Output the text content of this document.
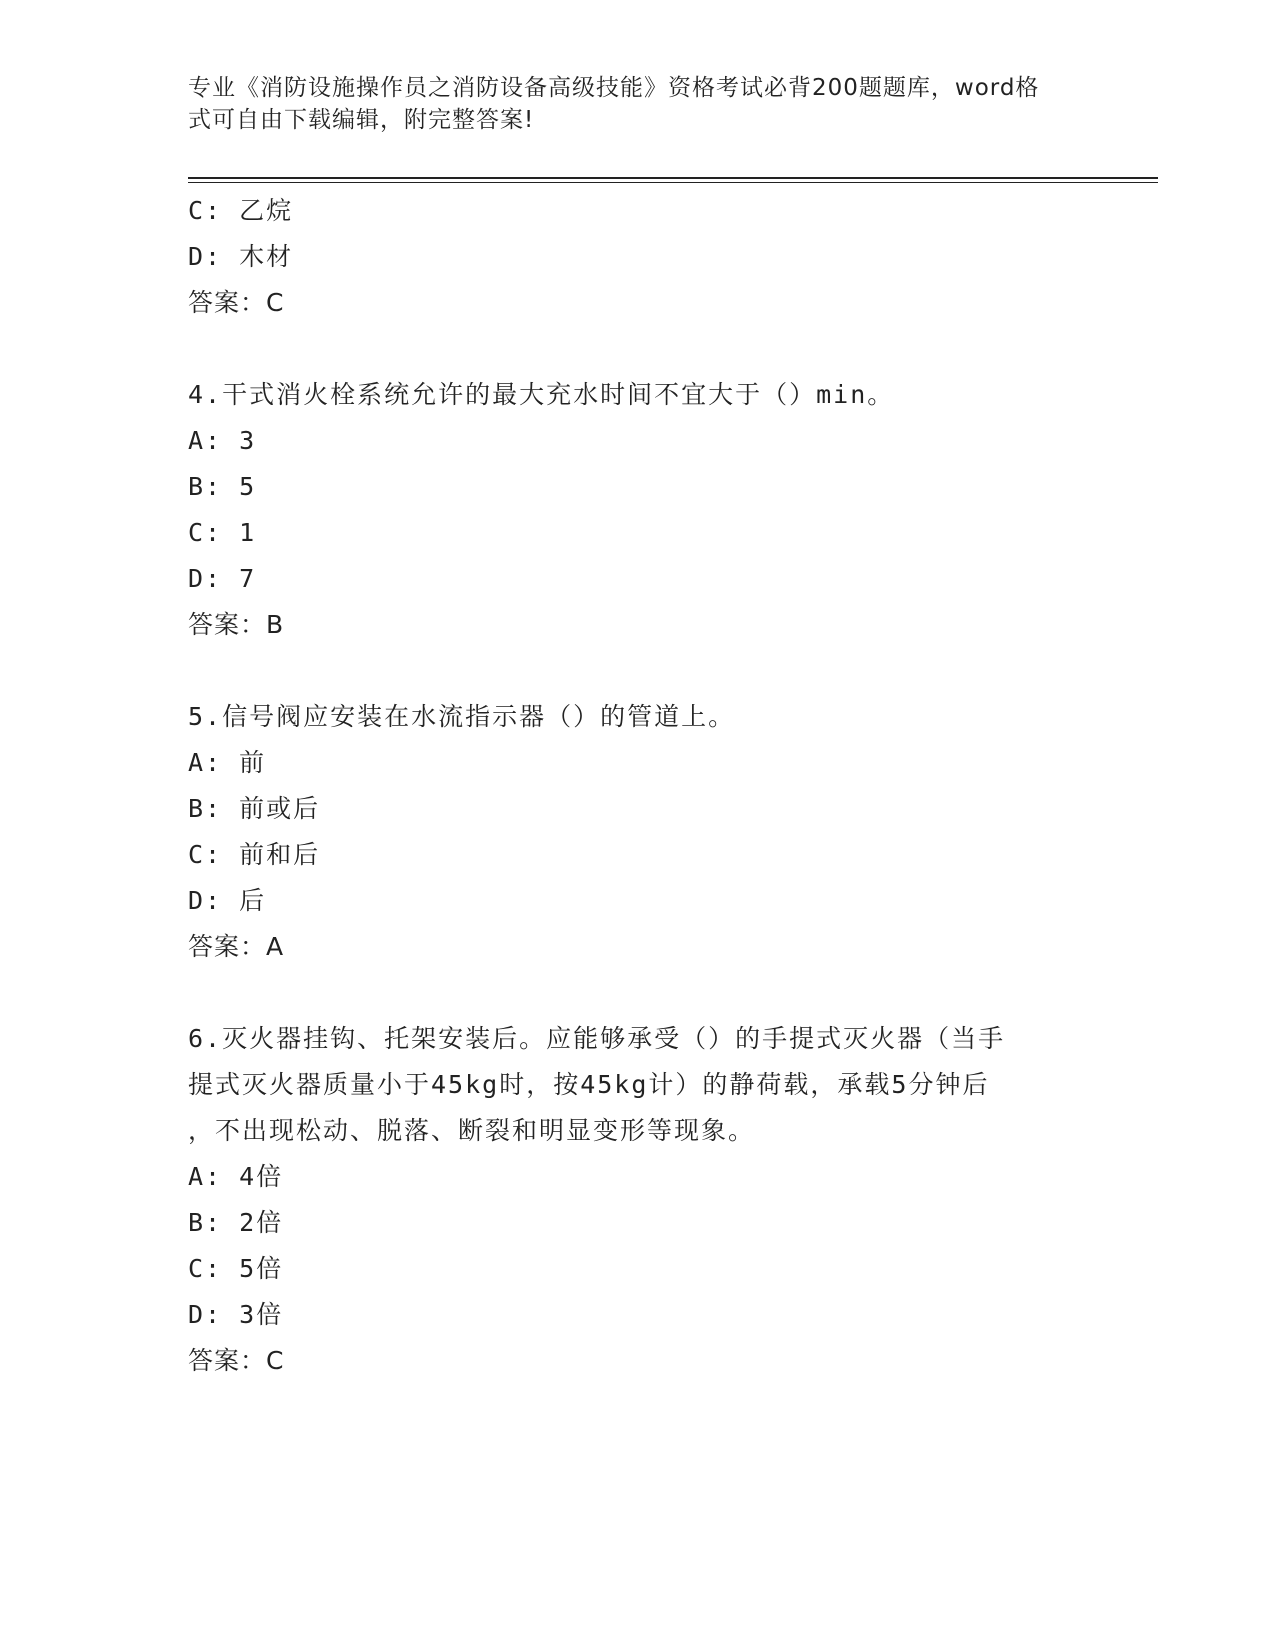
专业《消防设施操作员之消防设备高级技能》资格考试必背200题题库，word格
式可自由下载编辑，附完整答案!
C: 乙烷
D: 木材
答案：C
4.干式消火栓系统允许的最大充水时间不宜大于（）min。
A: 3
B: 5
C: 1
D: 7
答案：B
5.信号阀应安装在水流指示器（）的管道上。
A: 前
B: 前或后
C: 前和后
D: 后
答案：A
6.灭火器挂钩、托架安装后。应能够承受（）的手提式灭火器（当手
提式灭火器质量小于45kg时，按45kg计）的静荷载，承载5分钟后
，不出现松动、脱落、断裂和明显变形等现象。
A: 4倍
B: 2倍
C: 5倍
D: 3倍
答案：C
